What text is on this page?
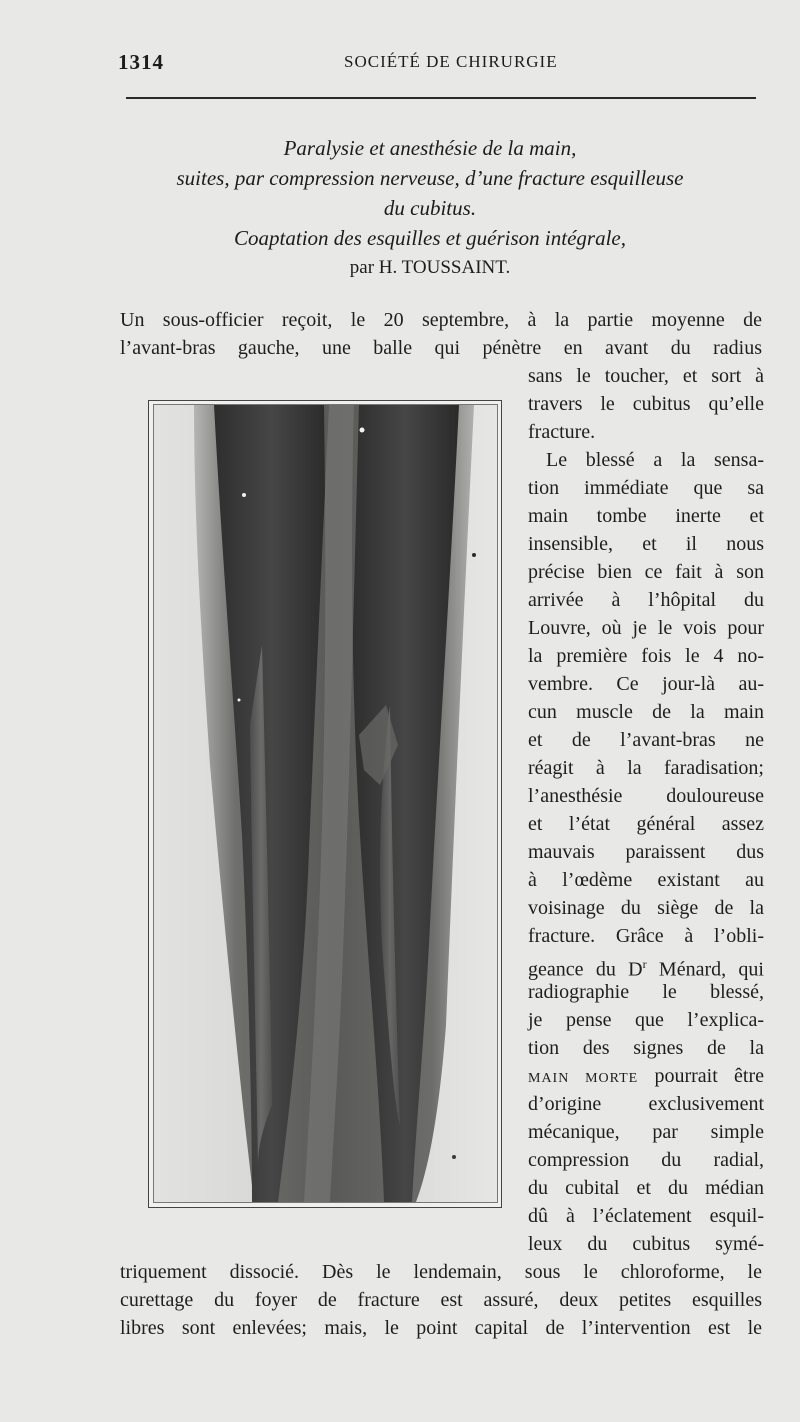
1314	SOCIÉTÉ DE CHIRURGIE
Paralysie et anesthésie de la main,
suites, par compression nerveuse, d’une fracture esquilleuse
du cubitus.
Coaptation des esquilles et guérison intégrale,
par H. TOUSSAINT.
Un sous-officier reçoit, le 20 septembre, à la partie moyenne de
l’avant-bras gauche, une balle qui pénètre en avant du radius
sans le toucher, et sort à
travers le cubitus qu’elle
fracture.
Le blessé a la sensa-
tion immédiate que sa
main tombe inerte et
insensible, et il nous
précise bien ce fait à son
arrivée à l’hôpital du
Louvre, où je le vois pour
la première fois le 4 no-
vembre. Ce jour-là au-
cun muscle de la main
et de l’avant-bras ne
réagit à la faradisation;
l’anesthésie douloureuse
et l’état général assez
mauvais paraissent dus
à l’œdème existant au
voisinage du siège de la
fracture. Grâce à l’obli-
geance du $D^r$ Ménard, qui
radiographie le blessé,
je pense que l’explica-
tion des signes de la
MAIN MORTE pourrait être
d’origine exclusivement
mécanique, par simple
compression du radial,
du cubital et du médian
dû à l’éclatement esquil-
leux du cubitus symé-
triquement dissocié. Dès le lendemain, sous le chloroforme, le
curettage du foyer de fracture est assuré, deux petites esquilles
libres sont enlevées; mais, le point capital de l’intervention est le
